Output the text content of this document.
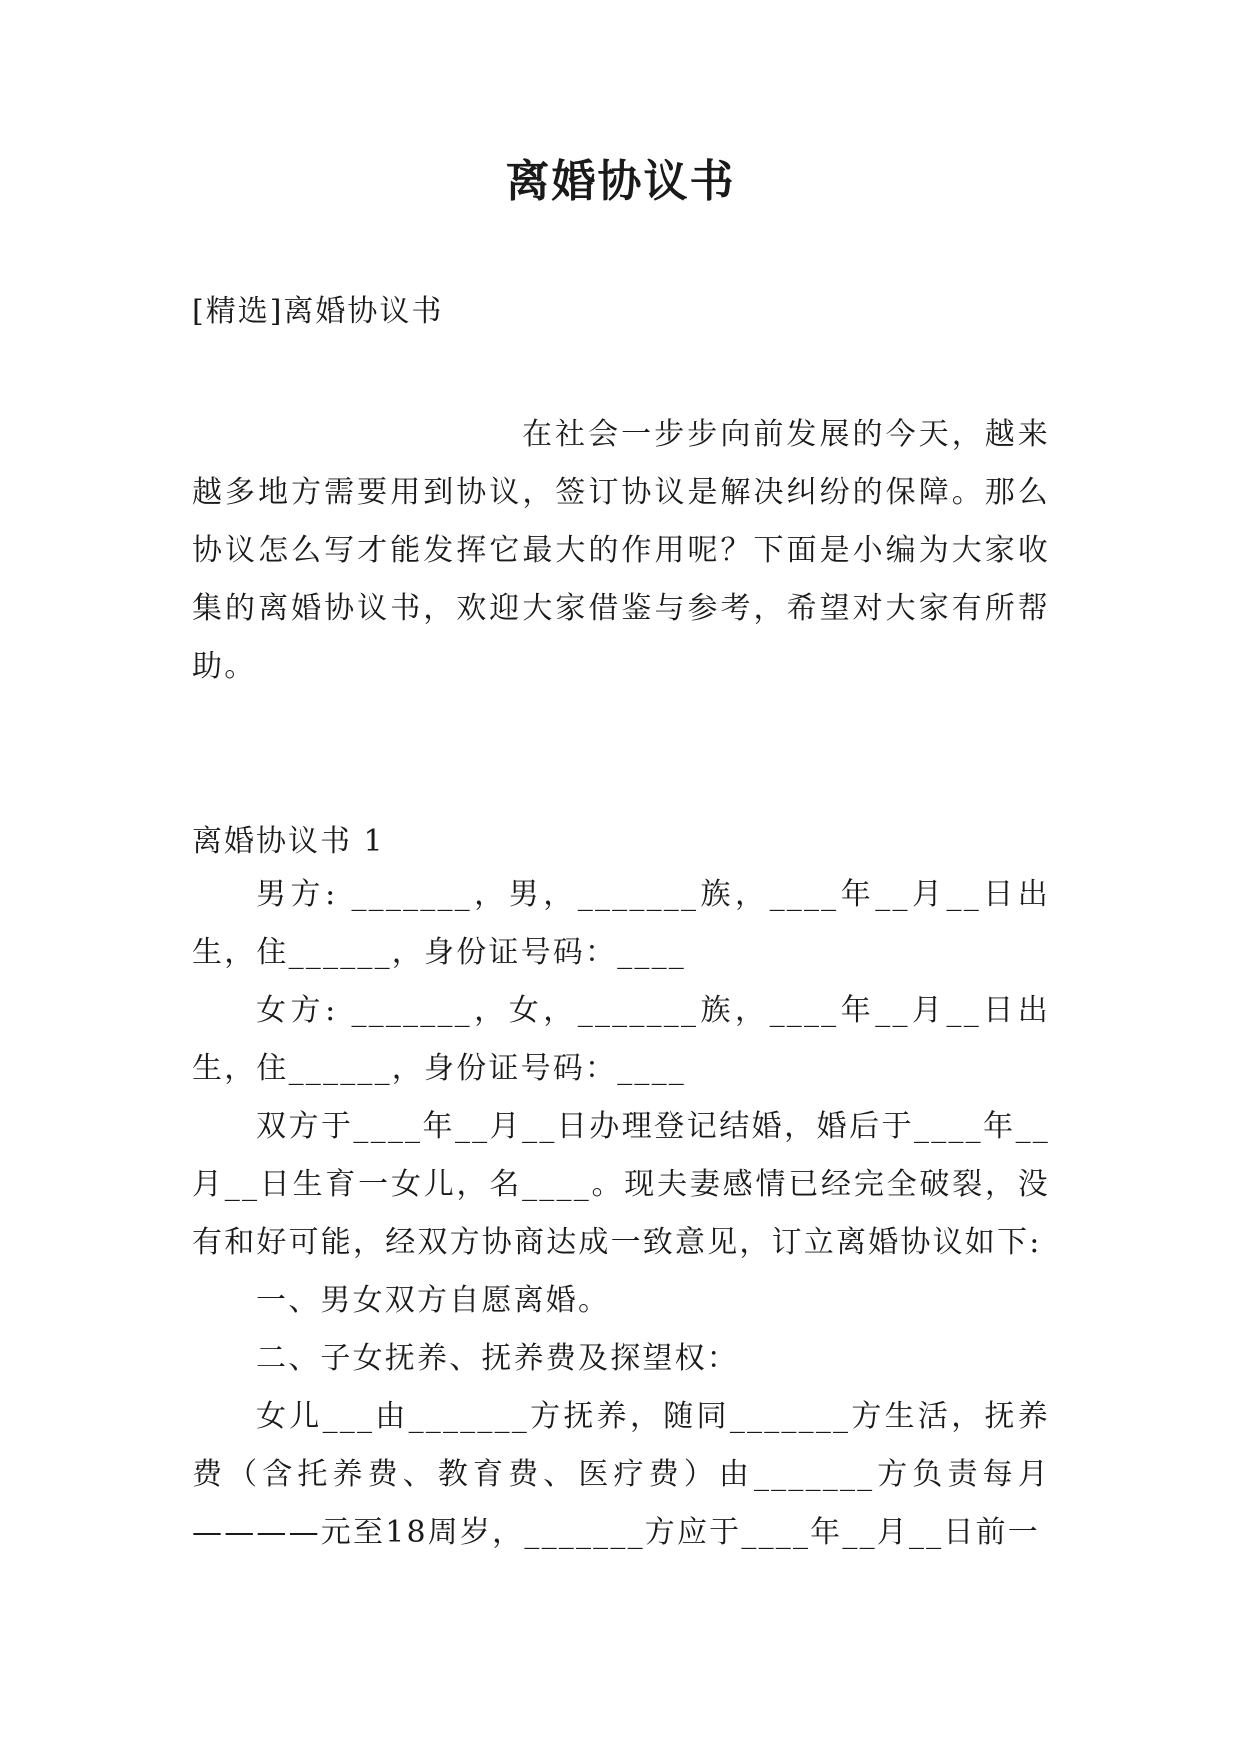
离婚协议书
[精选]离婚协议书

在社会一步步向前发展的今天，越来越多地方需要用到协议，签订协议是解决纠纷的保障。那么协议怎么写才能发挥它最大的作用呢？下面是小编为大家收集的离婚协议书，欢迎大家借鉴与参考，希望对大家有所帮助。

离婚协议书 1

男方: _______，男，_______族，____年__月__日出生，住______，身份证号码：____

女方: _______，女，_______族，____年__月__日出生，住______，身份证号码：____

双方于____年__月__日办理登记结婚，婚后于____年__月__日生育一女儿，名____。现夫妻感情已经完全破裂，没有和好可能，经双方协商达成一致意见，订立离婚协议如下:

一、男女双方自愿离婚。

二、子女抚养、抚养费及探望权：

女儿___由_______方抚养，随同_______方生活，抚养费（含托养费、教育费、医疗费）由_______方负责每月————元至18周岁，_______方应于____年__月__日前一
